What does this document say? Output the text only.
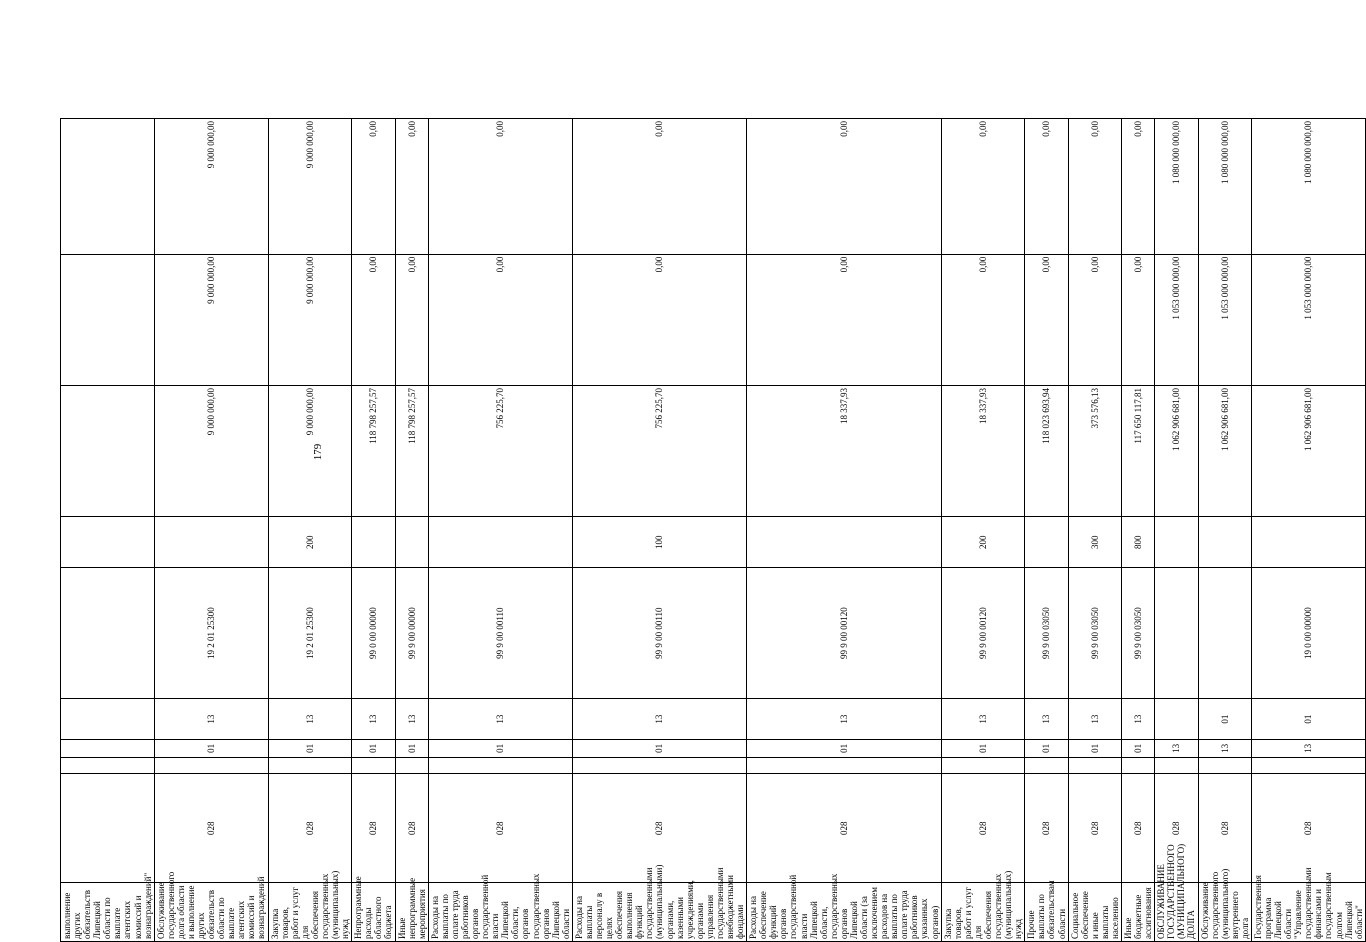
179
выполнение других обязательств Липецкой области по выплате агентских комиссий и вознаграждений"									
Обслуживание государственного долга области и выполнение других обязательств области по выплате агентских комиссий и вознаграждений	028		01	13	19 2 01 25300		9 000 000,00	9 000 000,00	9 000 000,00
Закупка товаров, работ и услуг для обеспечения государственных (муниципальных) нужд	028		01	13	19 2 01 25300	200	9 000 000,00	9 000 000,00	9 000 000,00
Непрограммные расходы областного бюджета	028		01	13	99 0 00 00000		118 798 257,57	0,00	0,00
Иные непрограммные мероприятия	028		01	13	99 9 00 00000		118 798 257,57	0,00	0,00
Расходы на выплаты по оплате труда работников органов государственной власти Липецкой области, органов государственных органов Липецкой области	028		01	13	99 9 00 00110		756 225,70	0,00	0,00
Расходы на выплаты персоналу в целях обеспечения выполнения функций государственными (муниципальными) органами, казенными учреждениями, органами управления государственными внебюджетными фондами	028		01	13	99 9 00 00110	100	756 225,70	0,00	0,00
Расходы на обеспечение функций органов государственной власти Липецкой области, государственных органов Липецкой области (за исключением расходов на выплаты по оплате труда работников указанных органов)	028		01	13	99 9 00 00120		18 337,93	0,00	0,00
Закупка товаров, работ и услуг для обеспечения государственных (муниципальных) нужд	028		01	13	99 9 00 00120	200	18 337,93	0,00	0,00
Прочие выплаты по обязательствам области	028		01	13	99 9 00 03050		118 023 693,94	0,00	0,00
Социальное обеспечение и иные выплаты населению	028		01	13	99 9 00 03050	300	373 576,13	0,00	0,00
Иные бюджетные ассигнования	028		01	13	99 9 00 03050	800	117 650 117,81	0,00	0,00
ОБСЛУЖИВАНИЕ ГОСУДАРСТВЕННОГО (МУНИЦИПАЛЬНОГО) ДОЛГА	028		13				1 062 906 681,00	1 053 000 000,00	1 080 000 000,00
Обслуживание государственного (муниципального) внутреннего долга	028		13	01			1 062 906 681,00	1 053 000 000,00	1 080 000 000,00
Государственная программа Липецкой области "Управление государственными финансами и государственным долгом Липецкой области"	028		13	01	19 0 00 00000		1 062 906 681,00	1 053 000 000,00	1 080 000 000,00
